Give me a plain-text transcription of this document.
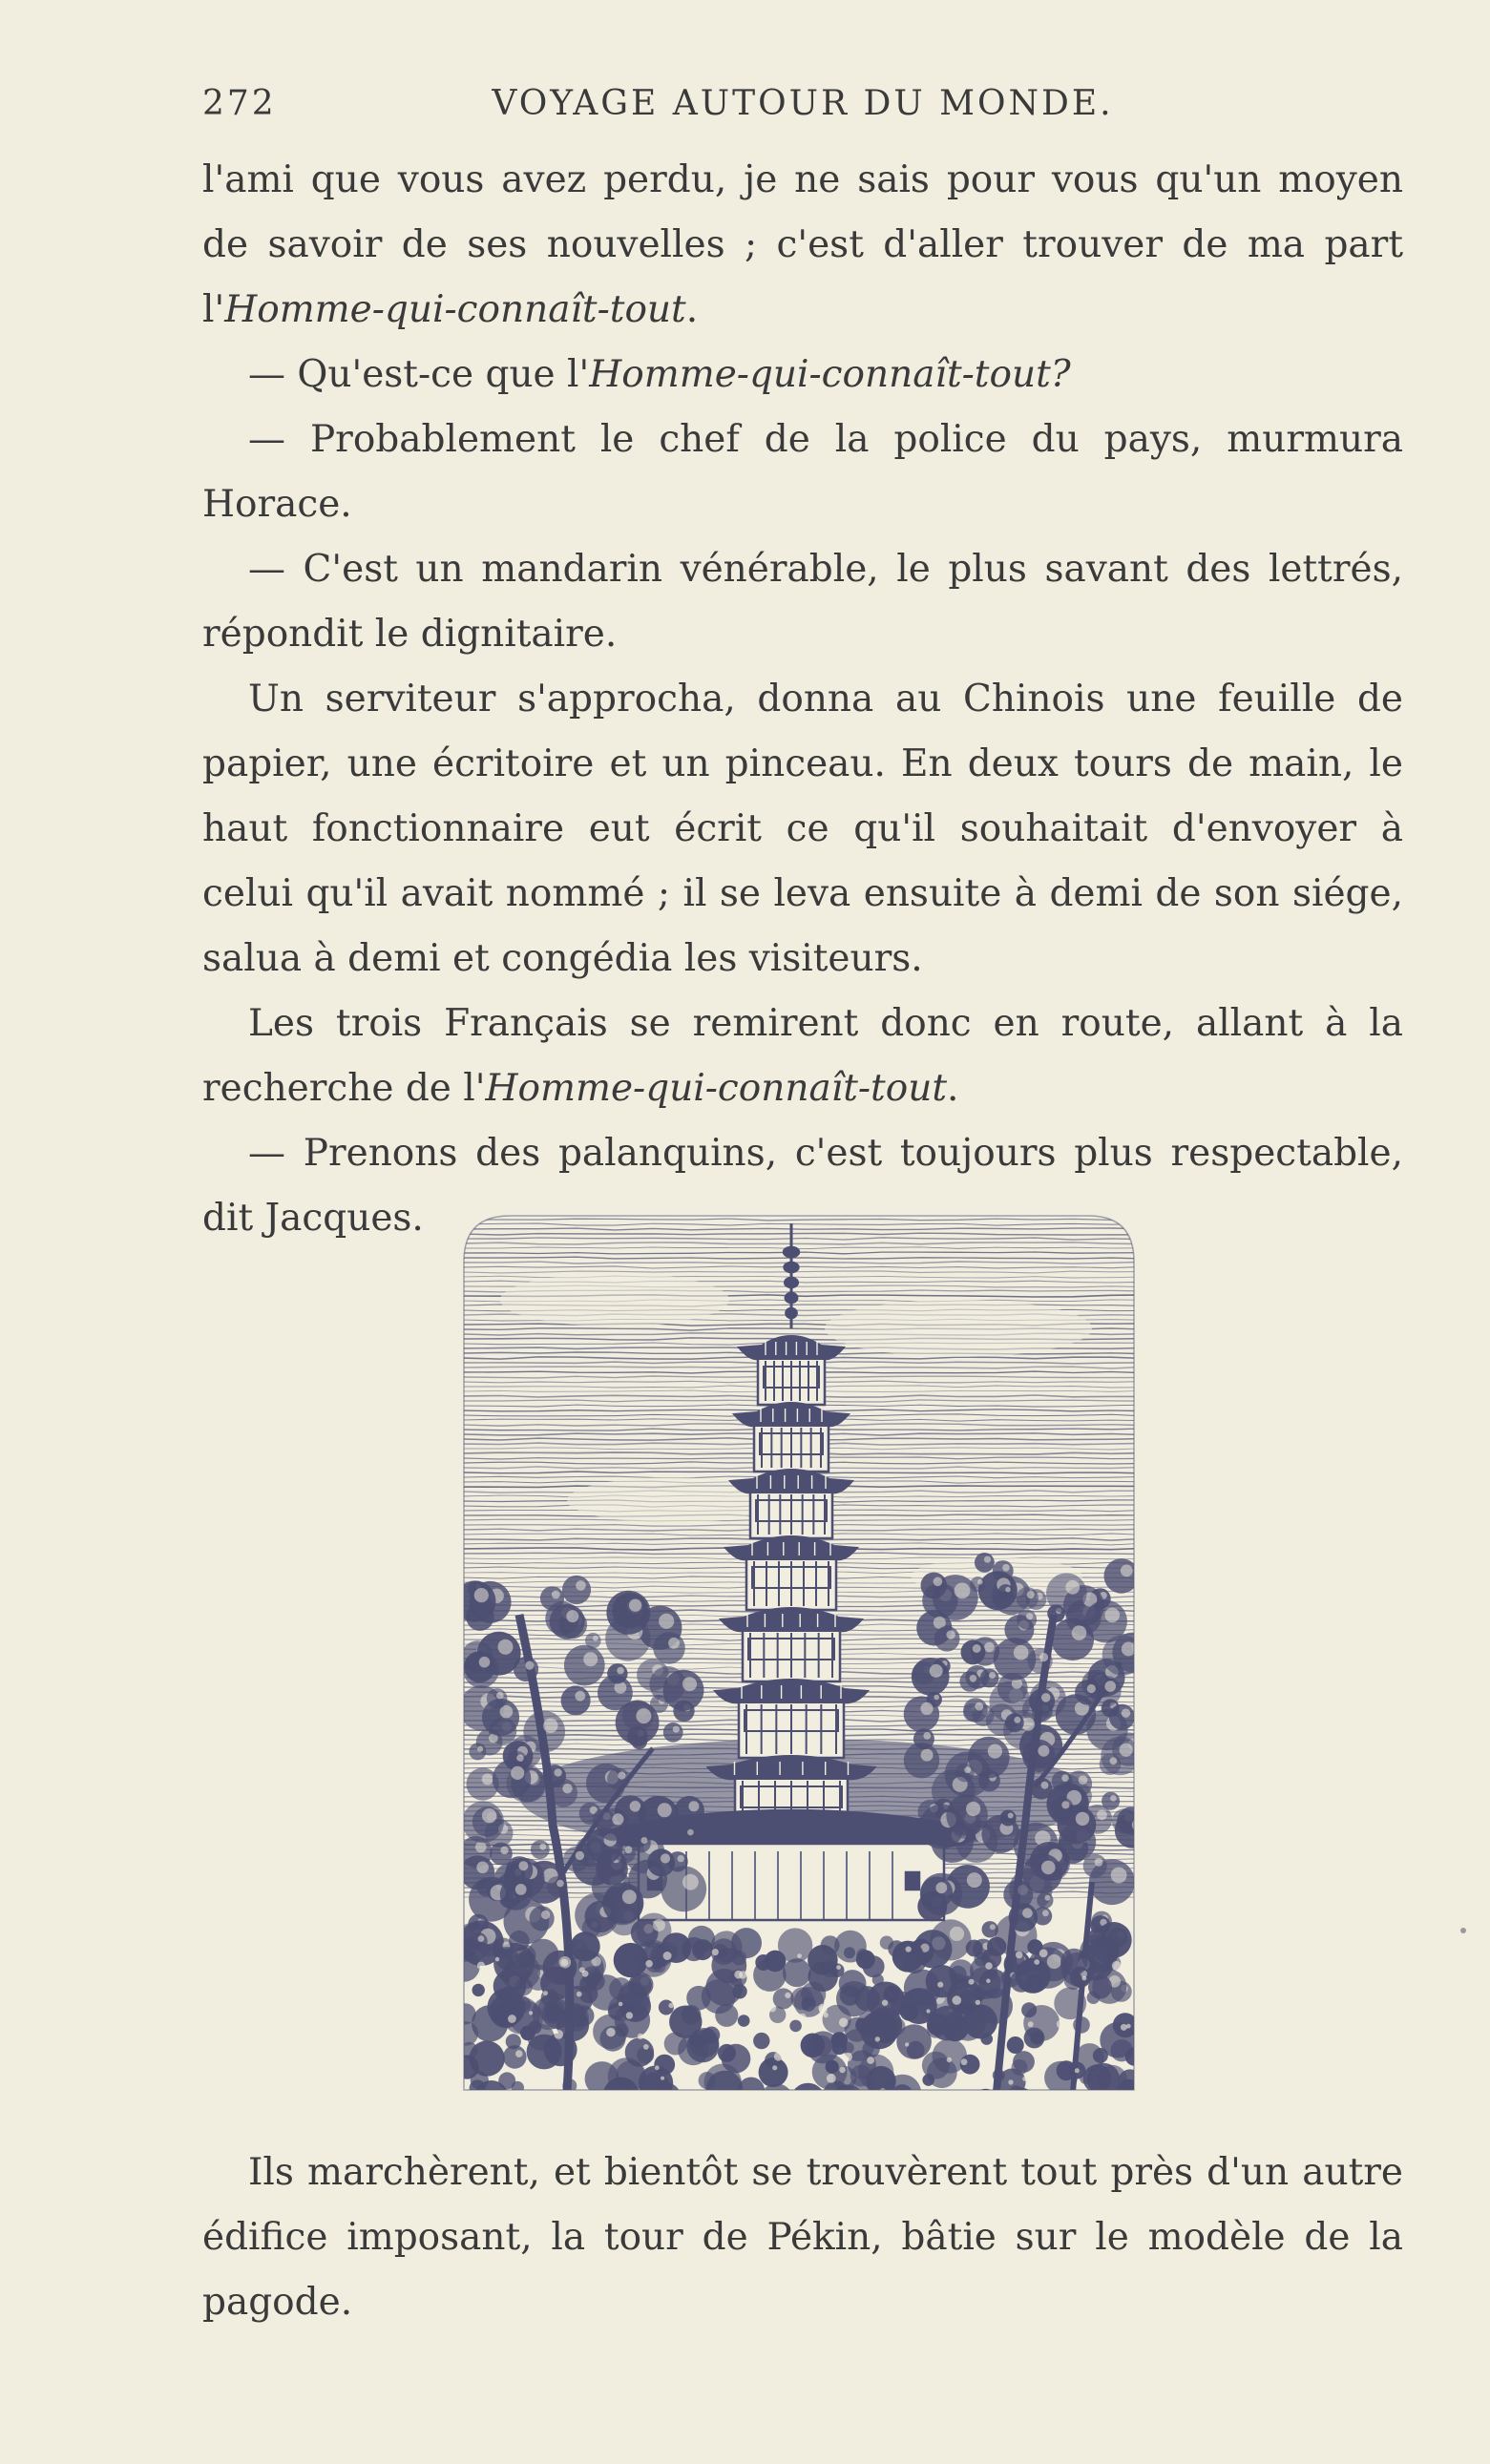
272	VOYAGE AUTOUR DU MONDE.

l'ami que vous avez perdu, je ne sais pour vous qu'un moyen de savoir de ses nouvelles ; c'est d'aller trouver de ma part l'Homme-qui-connaît-tout.

— Qu'est-ce que l'Homme-qui-connaît-tout?

— Probablement le chef de la police du pays, murmura Horace.

— C'est un mandarin vénérable, le plus savant des lettrés, répondit le dignitaire.

Un serviteur s'approcha, donna au Chinois une feuille de papier, une écritoire et un pinceau. En deux tours de main, le haut fonctionnaire eut écrit ce qu'il souhaitait d'envoyer à celui qu'il avait nommé ; il se leva ensuite à demi de son siége, salua à demi et congédia les visiteurs.

Les trois Français se remirent donc en route, allant à la recherche de l'Homme-qui-connaît-tout.

— Prenons des palanquins, c'est toujours plus respectable, dit Jacques.

Ils marchèrent, et bientôt se trouvèrent tout près d'un autre édifice imposant, la tour de Pékin, bâtie sur le modèle de la pagode.
